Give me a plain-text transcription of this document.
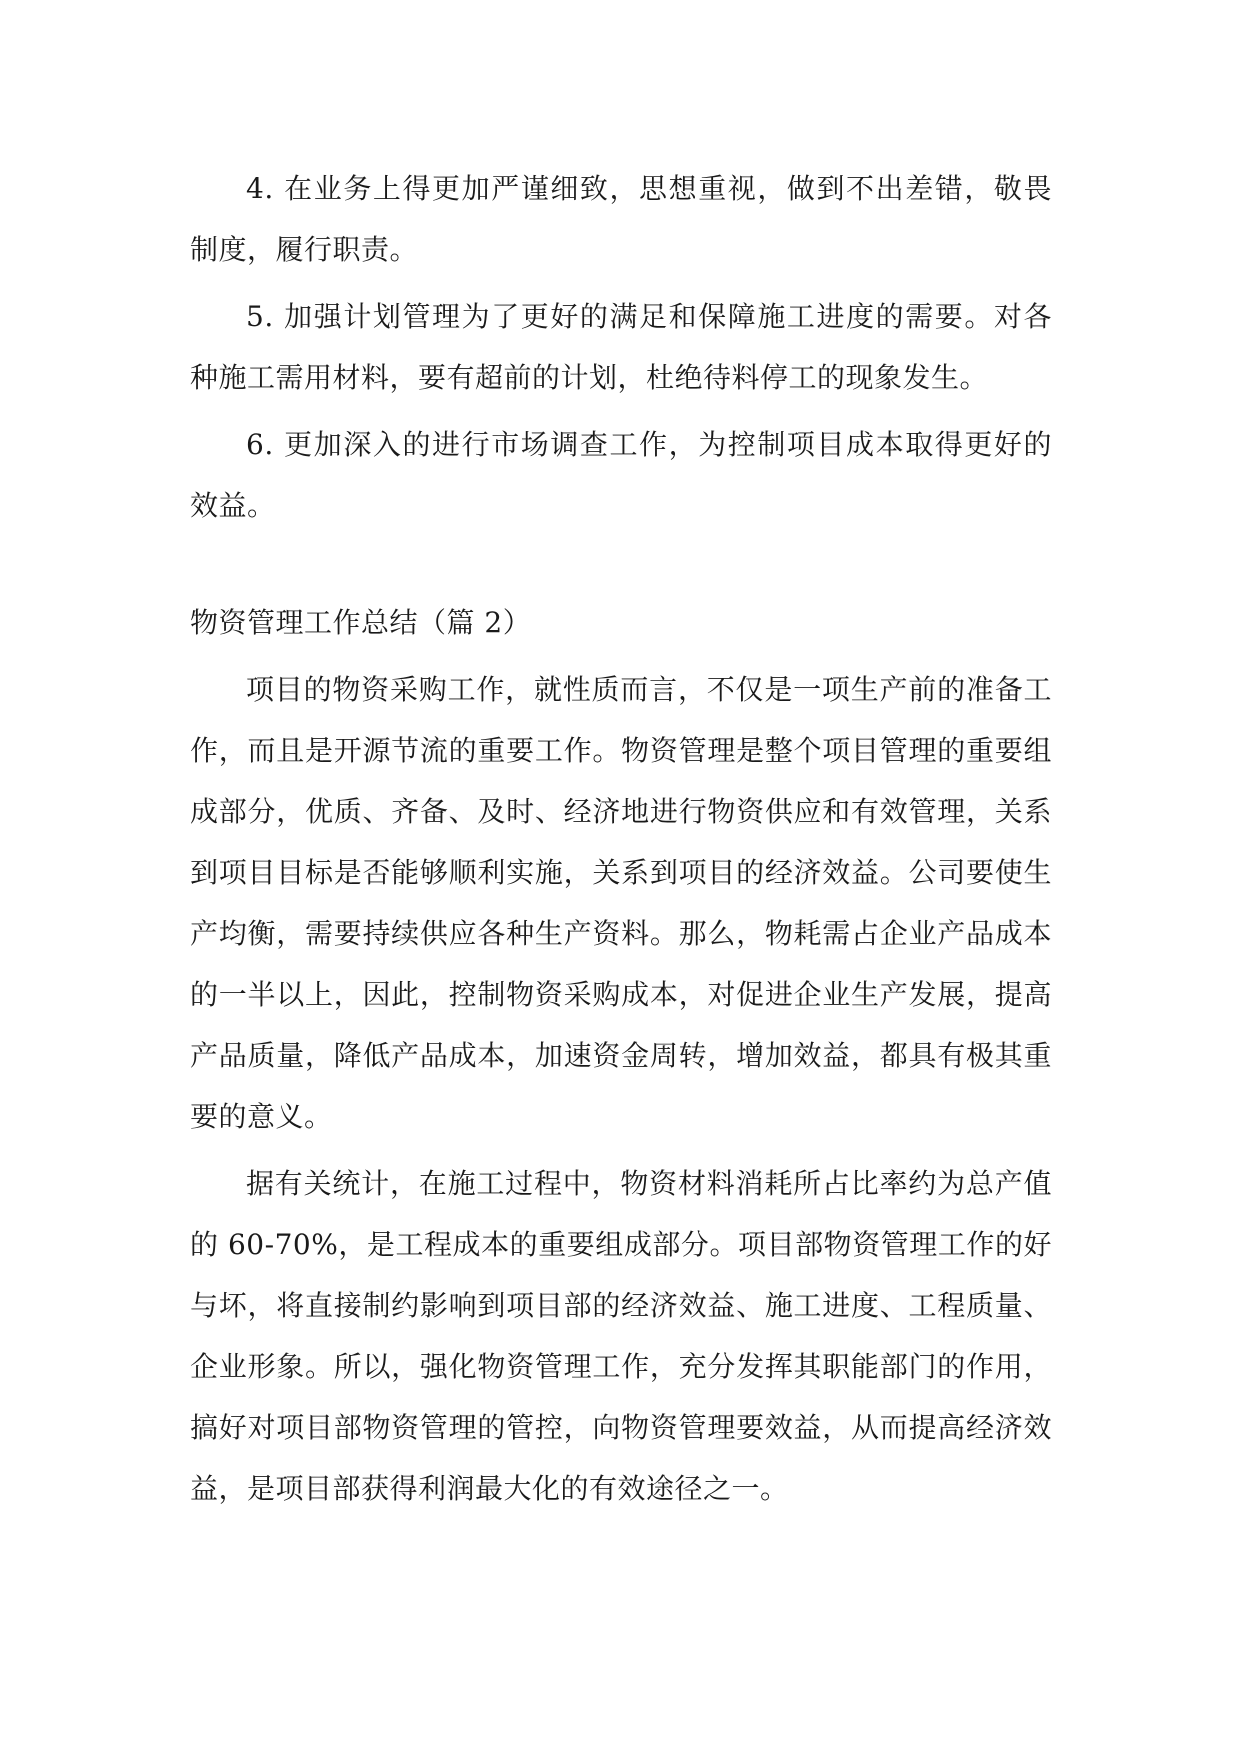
4. 在业务上得更加严谨细致，思想重视，做到不出差错，敬畏制度，履行职责。

5. 加强计划管理为了更好的满足和保障施工进度的需要。对各种施工需用材料，要有超前的计划，杜绝待料停工的现象发生。

6. 更加深入的进行市场调查工作，为控制项目成本取得更好的效益。

物资管理工作总结（篇 2）

项目的物资采购工作，就性质而言，不仅是一项生产前的准备工作，而且是开源节流的重要工作。物资管理是整个项目管理的重要组成部分，优质、齐备、及时、经济地进行物资供应和有效管理，关系到项目目标是否能够顺利实施，关系到项目的经济效益。公司要使生产均衡，需要持续供应各种生产资料。那么，物耗需占企业产品成本的一半以上，因此，控制物资采购成本，对促进企业生产发展，提高产品质量，降低产品成本，加速资金周转，增加效益，都具有极其重要的意义。

据有关统计，在施工过程中，物资材料消耗所占比率约为总产值的 60-70%，是工程成本的重要组成部分。项目部物资管理工作的好与坏，将直接制约影响到项目部的经济效益、施工进度、工程质量、企业形象。所以，强化物资管理工作，充分发挥其职能部门的作用，搞好对项目部物资管理的管控，向物资管理要效益，从而提高经济效益，是项目部获得利润最大化的有效途径之一。
